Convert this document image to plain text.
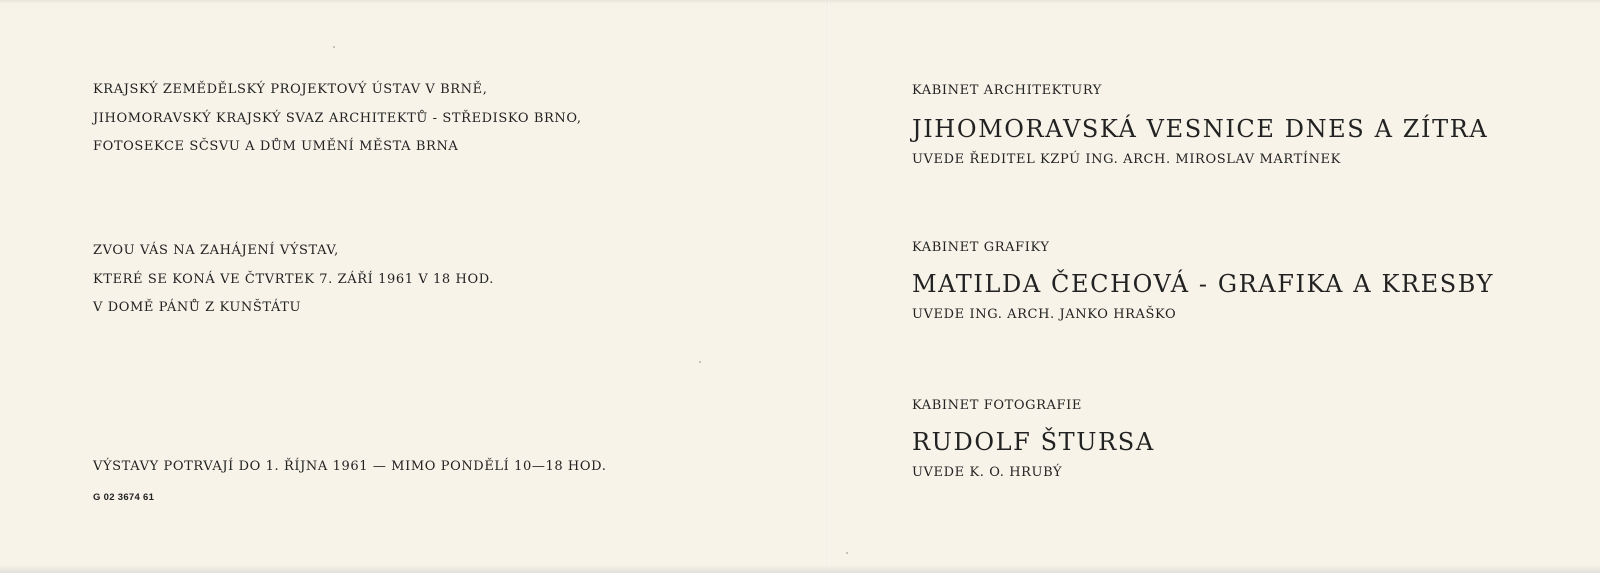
KRAJSKÝ ZEMĚDĚLSKÝ PROJEKTOVÝ ÚSTAV V BRNĚ,
JIHOMORAVSKÝ KRAJSKÝ SVAZ ARCHITEKTŮ - STŘEDISKO BRNO,
FOTOSEKCE SČSVU A DŮM UMĚNÍ MĚSTA BRNA
ZVOU VÁS NA ZAHÁJENÍ VÝSTAV,
KTERÉ SE KONÁ VE ČTVRTEK 7. ZÁŘÍ 1961 V 18 HOD.
V DOMĚ PÁNŮ Z KUNŠTÁTU
VÝSTAVY POTRVAJÍ DO 1. ŘÍJNA 1961 — MIMO PONDĚLÍ 10—18 HOD.
G 02 3674 61
KABINET ARCHITEKTURY
JIHOMORAVSKÁ VESNICE DNES A ZÍTRA
UVEDE ŘEDITEL KZPÚ ING. ARCH. MIROSLAV MARTÍNEK
KABINET GRAFIKY
MATILDA ČECHOVÁ - GRAFIKA A KRESBY
UVEDE ING. ARCH. JANKO HRAŠKO
KABINET FOTOGRAFIE
RUDOLF ŠTURSA
UVEDE K. O. HRUBÝ
